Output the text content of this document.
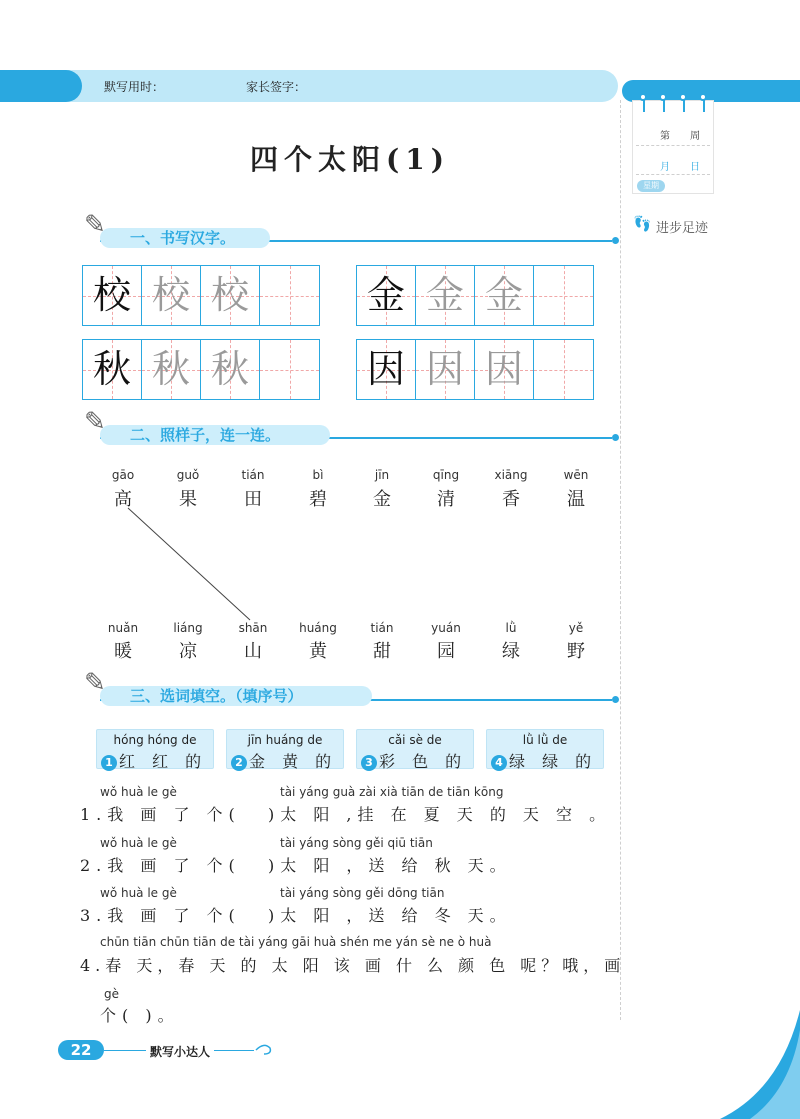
默写用时：	家长签字：
第　　周
月　　日
星期
👣︎ 进步足迹
四个太阳(1)
一、书写汉字。
✎
校 校 校	金 金 金
秋 秋 秋	因 因 因
二、照样子，连一连。
✎
gāo
高
guǒ
果
tián
田
bì
碧
jīn
金
qīng
清
xiāng
香
wēn
温
nuǎn
暖
liáng
凉
shān
山
huáng
黄
tián
甜
yuán
园
lǜ
绿
yě
野
三、选词填空。（填序号）
✎
hóng hóng de
1 红 红 的
jīn huáng de
2 金 黄 的
cǎi sè de
3 彩 色 的
lǜ lǜ de
4 绿 绿 的
wǒ huà le gè	tài yáng guà zài xià tiān de tiān kōng
1.我 画 了 个( )太 阳 ,挂 在 夏 天 的 天 空 。
wǒ huà le gè	tài yáng sòng gěi qiū tiān
2.我 画 了 个( )太 阳 ，送 给 秋 天。
wǒ huà le gè	tài yáng sòng gěi dōng tiān
3.我 画 了 个( )太 阳 ，送 给 冬 天。
chūn tiān chūn tiān de tài yáng gāi huà shén me yán sè ne ò huà
4.春 天，春 天 的 太 阳 该 画 什 么 颜 色 呢？哦，画
gè
个( )。
22	默写小达人
